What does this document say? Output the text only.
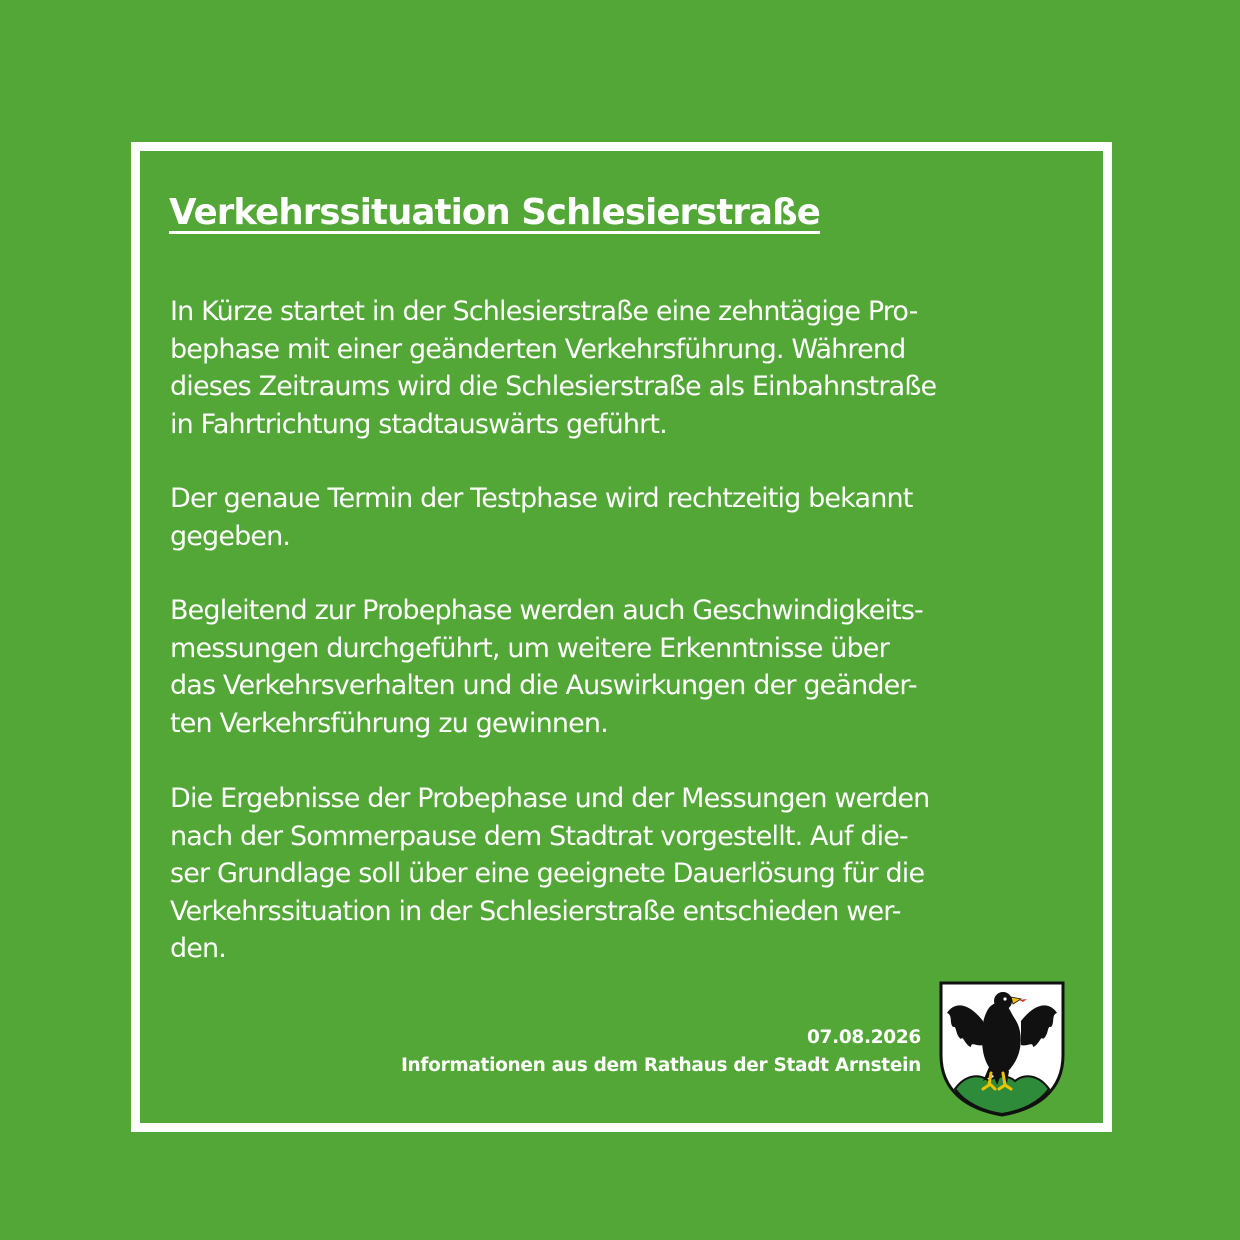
Verkehrssituation Schlesierstraße

In Kürze startet in der Schlesierstraße eine zehntägige Pro-
bephase mit einer geänderten Verkehrsführung. Während
dieses Zeitraums wird die Schlesierstraße als Einbahnstraße
in Fahrtrichtung stadtauswärts geführt.

Der genaue Termin der Testphase wird rechtzeitig bekannt
gegeben.

Begleitend zur Probephase werden auch Geschwindigkeits-
messungen durchgeführt, um weitere Erkenntnisse über
das Verkehrsverhalten und die Auswirkungen der geänder-
ten Verkehrsführung zu gewinnen.

Die Ergebnisse der Probephase und der Messungen werden
nach der Sommerpause dem Stadtrat vorgestellt. Auf die-
ser Grundlage soll über eine geeignete Dauerlösung für die
Verkehrssituation in der Schlesierstraße entschieden wer-
den.

07.08.2026
Informationen aus dem Rathaus der Stadt Arnstein
